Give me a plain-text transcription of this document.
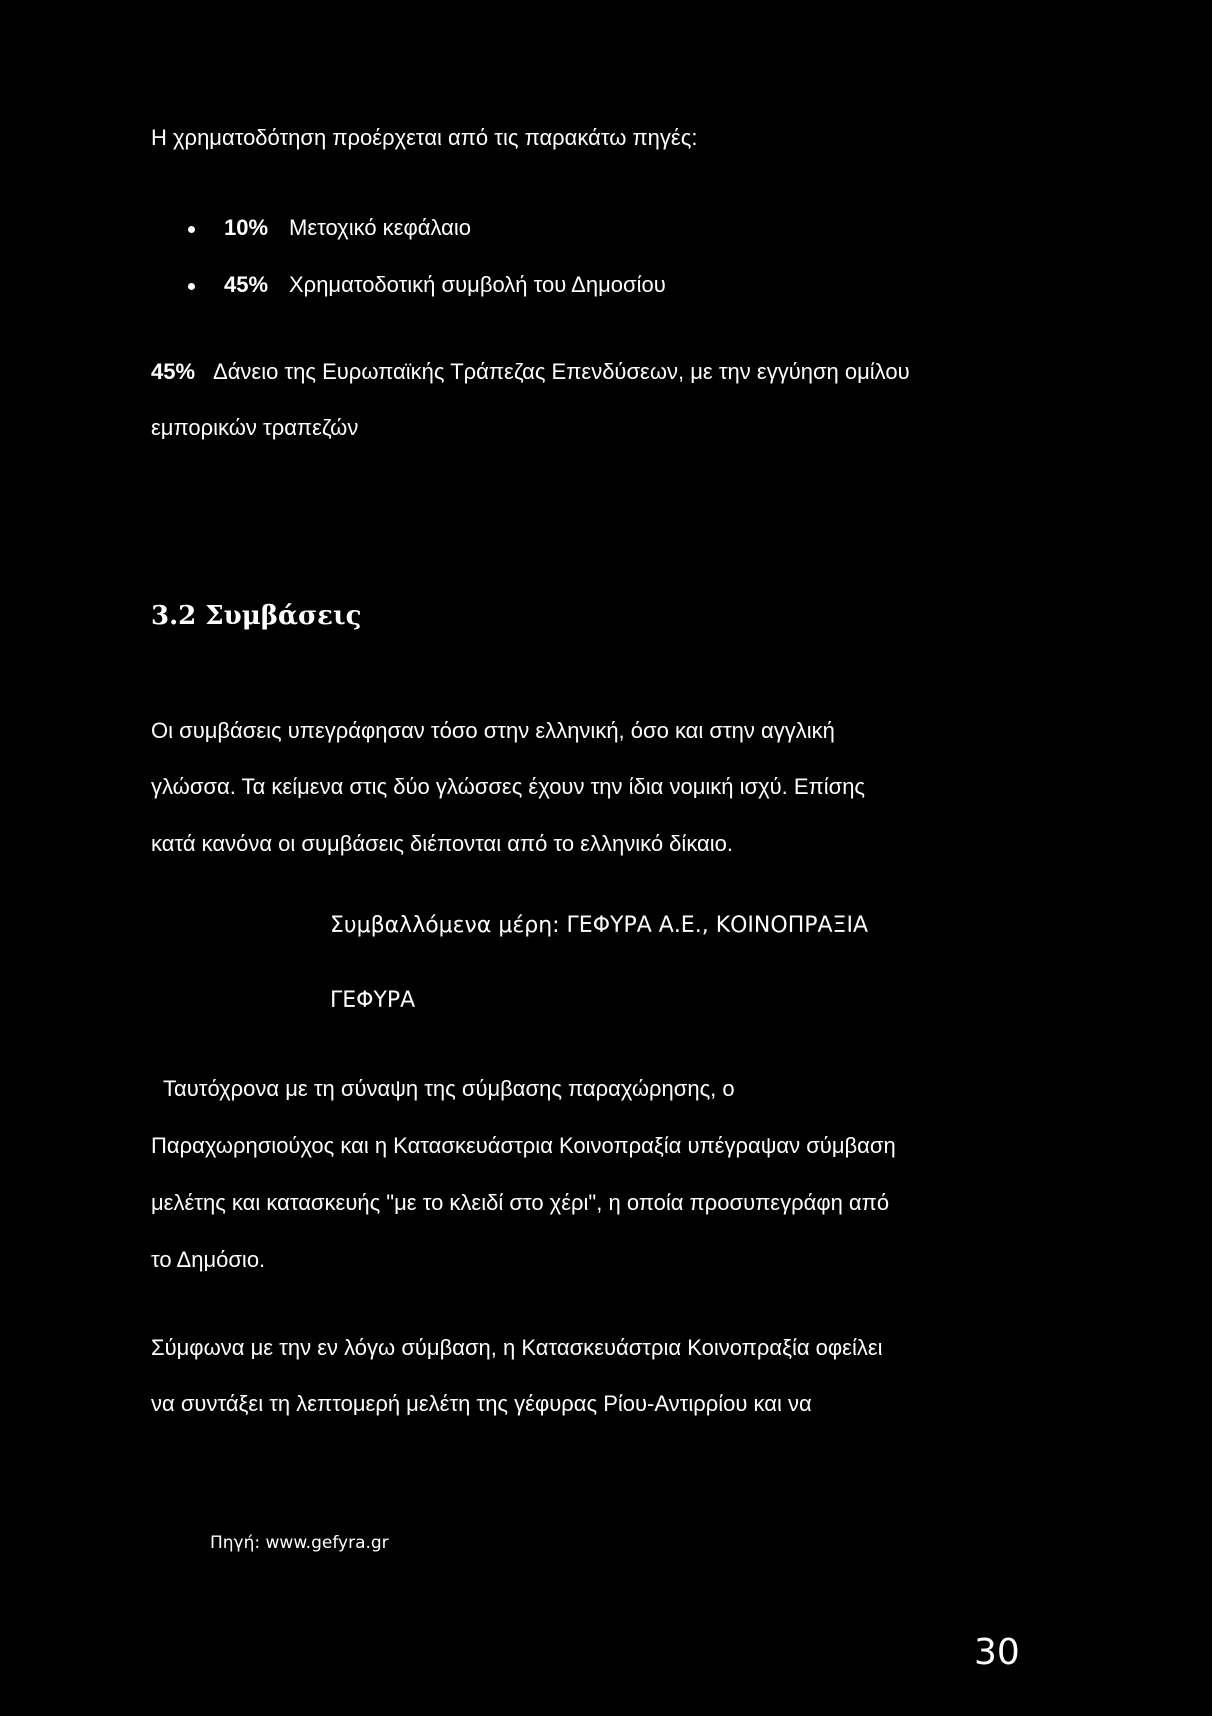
Η χρηματοδότηση προέρχεται από τις παρακάτω πηγές:
10% Μετοχικό κεφάλαιο
45% Χρηματοδοτική συμβολή του Δημοσίου
45% Δάνειο της Ευρωπαϊκής Τράπεζας Επενδύσεων, με την εγγύηση ομίλου
εμπορικών τραπεζών
3.2 Συμβάσεις
Οι συμβάσεις υπεγράφησαν τόσο στην ελληνική, όσο και στην αγγλική
γλώσσα. Τα κείμενα στις δύο γλώσσες έχουν την ίδια νομική ισχύ. Επίσης
κατά κανόνα οι συμβάσεις διέπονται από το ελληνικό δίκαιο.
Συμβαλλόμενα μέρη: ΓΕΦΥΡΑ Α.Ε., ΚΟΙΝΟΠΡΑΞΙΑ
ΓΕΦΥΡΑ
Ταυτόχρονα με τη σύναψη της σύμβασης παραχώρησης, ο
Παραχωρησιούχος και η Κατασκευάστρια Κοινοπραξία υπέγραψαν σύμβαση
μελέτης και κατασκευής "με το κλειδί στο χέρι", η οποία προσυπεγράφη από
το Δημόσιο.
Σύμφωνα με την εν λόγω σύμβαση, η Κατασκευάστρια Κοινοπραξία οφείλει
να συντάξει τη λεπτομερή μελέτη της γέφυρας Ρίου-Αντιρρίου και να
Πηγή: www.gefyra.gr
30
